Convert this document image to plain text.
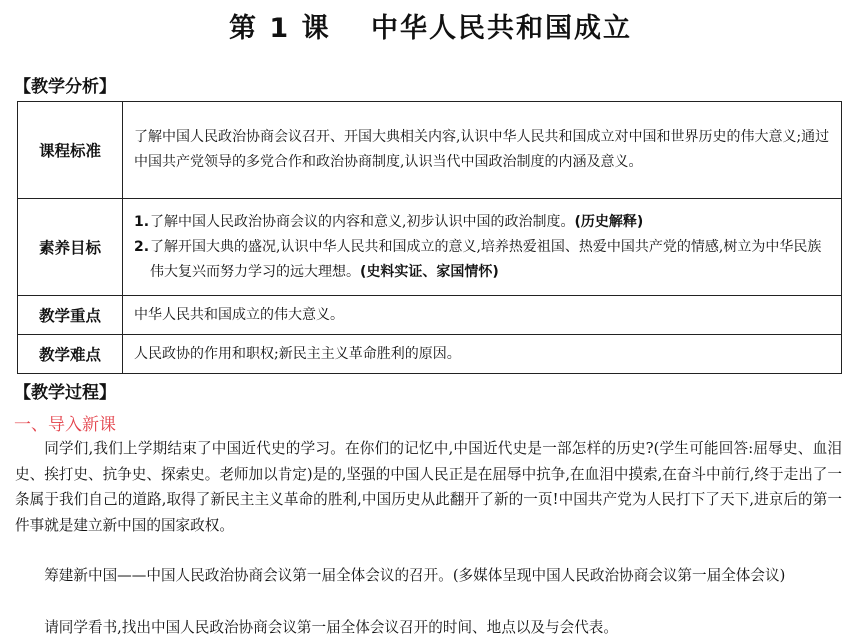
第 1 课　 中华人民共和国成立
【教学分析】
课程标准	了解中国人民政治协商会议召开、开国大典相关内容,认识中华人民共和国成立对中国和世界历史的伟大意义;通过中国共产党领导的多党合作和政治协商制度,认识当代中国政治制度的内涵及意义。
素养目标	1. 了解中国人民政治协商会议的内容和意义,初步认识中国的政治制度。(历史解释)
2. 了解开国大典的盛况,认识中华人民共和国成立的意义,培养热爱祖国、热爱中国共产党的情感,树立为中华民族伟大复兴而努力学习的远大理想。(史料实证、家国情怀)

教学重点	中华人民共和国成立的伟大意义。
教学难点	人民政协的作用和职权;新民主主义革命胜利的原因。
【教学过程】
一、导入新课
同学们,我们上学期结束了中国近代史的学习。在你们的记忆中,中国近代史是一部怎样的历史?(学生可能回答:屈辱史、血泪史、挨打史、抗争史、探索史。老师加以肯定)是的,坚强的中国人民正是在屈辱中抗争,在血泪中摸索,在奋斗中前行,终于走出了一条属于我们自己的道路,取得了新民主主义革命的胜利,中国历史从此翻开了新的一页!中国共产党为人民打下了天下,进京后的第一件事就是建立新中国的国家政权。
筹建新中国——中国人民政治协商会议第一届全体会议的召开。(多媒体呈现中国人民政治协商会议第一届全体会议)
请同学看书,找出中国人民政治协商会议第一届全体会议召开的时间、地点以及与会代表。
